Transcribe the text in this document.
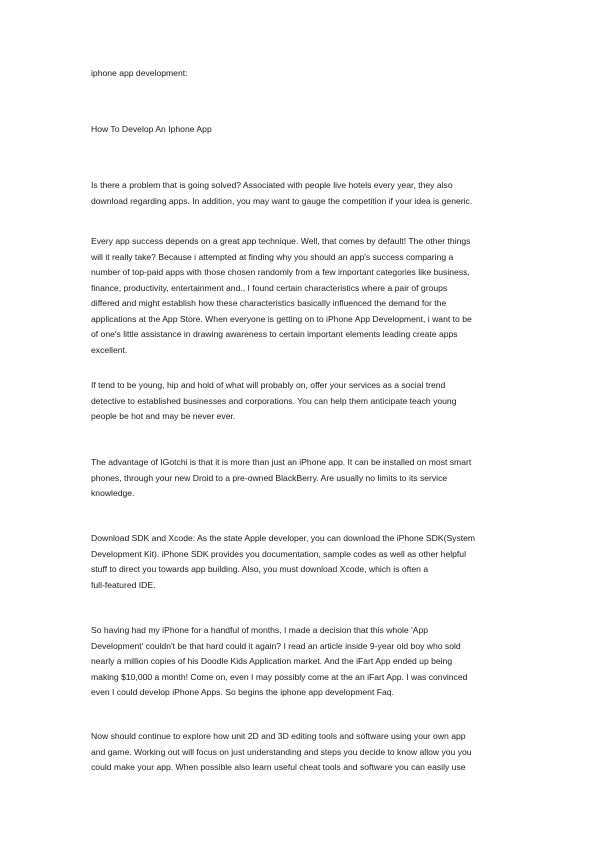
iphone app development:

How To Develop An Iphone App

Is there a problem that is going solved? Associated with people live hotels every year, they also
download regarding apps. In addition, you may want to gauge the competition if your idea is generic.
Every app success depends on a great app technique. Well, that comes by default! The other things
will it really take? Because i attempted at finding why you should an app's success comparing a
number of top-paid apps with those chosen randomly from a few important categories like business,
finance, productivity, entertainment and., I found certain characteristics where a pair of groups
differed and might establish how these characteristics basically influenced the demand for the
applications at the App Store. When everyone is getting on to iPhone App Development, i want to be
of one's little assistance in drawing awareness to certain important elements leading create apps
excellent.
If tend to be young, hip and hold of what will probably on, offer your services as a social trend
detective to established businesses and corporations. You can help them anticipate teach young
people be hot and may be never ever.
The advantage of IGotchi is that it is more than just an iPhone app. It can be installed on most smart
phones, through your new Droid to a pre-owned BlackBerry. Are usually no limits to its service
knowledge.
Download SDK and Xcode: As the state Apple developer, you can download the iPhone SDK(System
Development Kit). iPhone SDK provides you documentation, sample codes as well as other helpful
stuff to direct you towards app building. Also, you must download Xcode, which is often a
full-featured IDE.
So having had my iPhone for a handful of months, I made a decision that this whole 'App
Development' couldn't be that hard could it again? I read an article inside 9-year old boy who sold
nearly a million copies of his Doodle Kids Application market. And the iFart App ended up being
making $10,000 a month! Come on, even I may possibly come at the an iFart App. I was convinced
even I could develop iPhone Apps. So begins the iphone app development Faq.
Now should continue to explore how unit 2D and 3D editing tools and software using your own app
and game. Working out will focus on just understanding and steps you decide to know allow you you
could make your app. When possible also learn useful cheat tools and software you can easily use
